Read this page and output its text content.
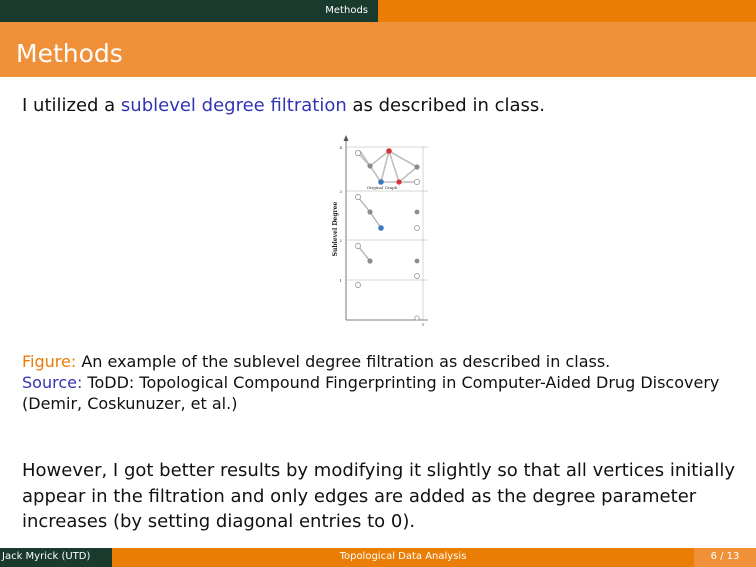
Methods
Methods
I utilized a sublevel degree filtration as described in class.
4
3
2
1
1
Sublevel Degree
Original Graph
Figure: An example of the sublevel degree filtration as described in class.
Source: ToDD: Topological Compound Fingerprinting in Computer-Aided Drug Discovery (Demir, Coskunuzer, et al.)
However, I got better results by modifying it slightly so that all vertices initially appear in the filtration and only edges are added as the degree parameter increases (by setting diagonal entries to 0).
Jack Myrick (UTD)	Topological Data Analysis	6 / 13
